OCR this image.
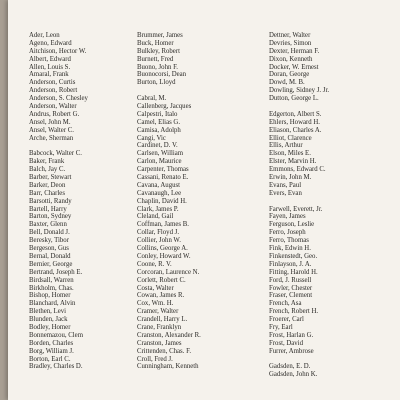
Ader, Leon
Ageno, Edward
Aitchison, Hector W.
Albert, Edward
Allen, Louis S.
Amaral, Frank
Anderson, Curtis
Anderson, Robert
Anderson, S. Chesley
Anderson, Walter
Andrus, Robert G.
Ansel, John M.
Ansel, Walter C.
Arche, Sherman
Babcock, Walter C.
Baker, Frank
Balch, Jay C.
Barber, Stewart
Barker, Deon
Barr, Charles
Barsotti, Randy
Bartell, Harry
Barton, Sydney
Baxter, Glenn
Bell, Donald J.
Beresky, Tibor
Bergeson, Gus
Bernal, Donald
Bernier, George
Bertrand, Joseph E.
Birdsall, Warren
Birkholm, Chas.
Bishop, Homer
Blanchard, Alvin
Blethen, Levi
Blunden, Jack
Bodley, Homer
Bonnemazou, Clem
Borden, Charles
Borg, William J.
Borton, Earl C.
Bradley, Charles D.
Brummer, James
Buck, Homer
Bulkley, Robert
Burnett, Fred
Buono, John F.
Buonocorsi, Dean
Burton, Lloyd
Cabral, M.
Callenberg, Jacques
Calpestri, Italo
Camel, Elias G.
Camisa, Adolph
Cangi, Vic
Cardinet, D. V.
Carlsen, William
Carlon, Maurice
Carpenter, Thomas
Cassani, Renato E.
Cavana, August
Cavanaugh, Lee
Chaplin, David H.
Clark, James P.
Cleland, Gail
Coffman, James B.
Collar, Floyd J.
Collier, John W.
Collins, George A.
Conley, Howard W.
Coone, R. V.
Corcoran, Laurence N.
Corlett, Robert C.
Costa, Walter
Cowan, James R.
Cox, Wm. H.
Cramer, Walter
Crandell, Harry L.
Crane, Franklyn
Cranston, Alexander R.
Cranston, James
Crittenden, Chas. F.
Croll, Fred J.
Cunningham, Kenneth
Dettner, Walter
Devries, Simon
Dexter, Herman F.
Dixon, Kenneth
Docker, W. Ernest
Doran, George
Dowd, M. B.
Dowling, Sidney J. Jr.
Dutton, George L.
Edgerton, Albert S.
Ehlers, Howard H.
Eliason, Charles A.
Elliot, Clarence
Ellis, Arthur
Elson, Miles E.
Elster, Marvin H.
Emmons, Edward C.
Erwin, John M.
Evans, Paul
Evers, Evan
Farwell, Everett, Jr.
Fayen, James
Ferguson, Leslie
Ferro, Joseph
Ferro, Thomas
Fink, Edwin H.
Finkenstedt, Geo.
Finlayson, J. A.
Fitting, Harold H.
Ford, J. Russell
Fowler, Chester
Fraser, Clement
French, Asa
French, Robert H.
Froerer, Carl
Fry, Earl
Frost, Harlan G.
Frost, David
Furrer, Ambrose
Gadsden, E. D.
Gadsden, John K.
